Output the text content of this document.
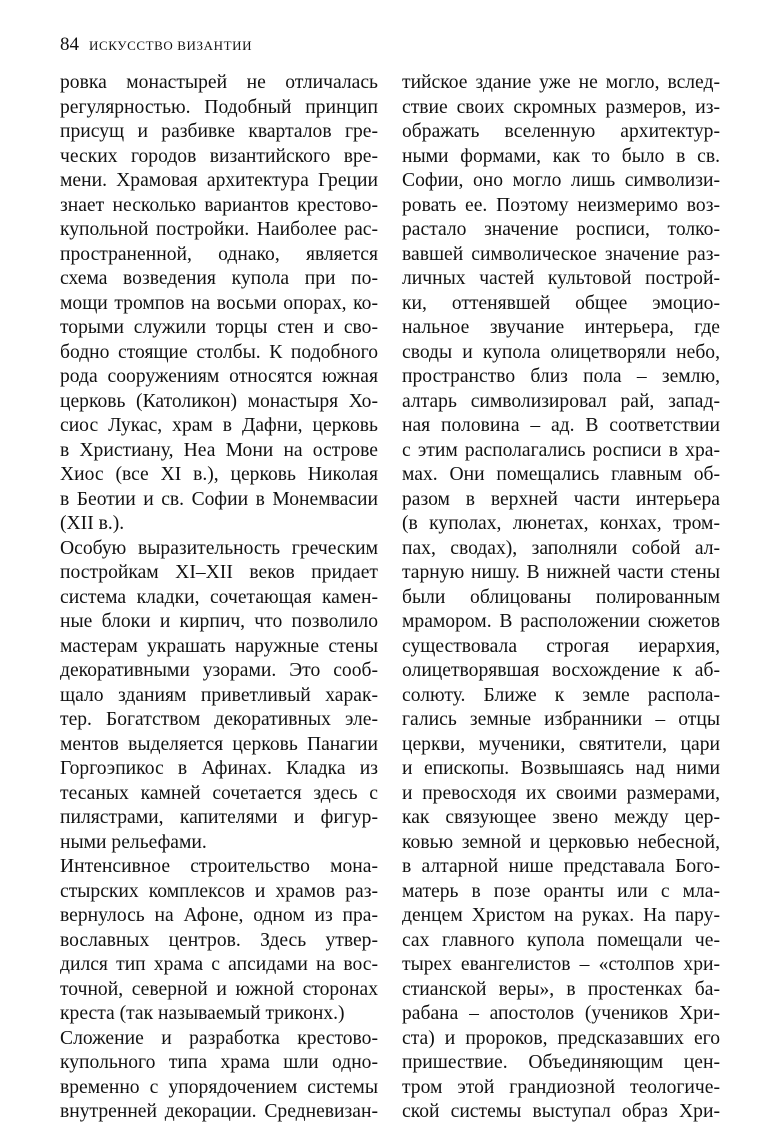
84 ИСКУССТВО ВИЗАНТИИ
ровка монастырей не отличалась
регулярностью. Подобный принцип
присущ и разбивке кварталов гре-
ческих городов византийского вре-
мени. Храмовая архитектура Греции
знает несколько вариантов крестово-
купольной постройки. Наиболее рас-
пространенной, однако, является
схема возведения купола при по-
мощи тромпов на восьми опорах, ко-
торыми служили торцы стен и сво-
бодно стоящие столбы. К подобного
рода сооружениям относятся южная
церковь (Католикон) монастыря Хо-
сиос Лукас, храм в Дафни, церковь
в Христиану, Неа Мони на острове
Хиос (все XI в.), церковь Николая
в Беотии и св. Софии в Монемвасии
(XII в.).
Особую выразительность греческим
постройкам XI–XII веков придает
система кладки, сочетающая камен-
ные блоки и кирпич, что позволило
мастерам украшать наружные стены
декоративными узорами. Это сооб-
щало зданиям приветливый харак-
тер. Богатством декоративных эле-
ментов выделяется церковь Панагии
Горгоэпикос в Афинах. Кладка из
тесаных камней сочетается здесь с
пилястрами, капителями и фигур-
ными рельефами.
Интенсивное строительство мона-
стырских комплексов и храмов раз-
вернулось на Афоне, одном из пра-
вославных центров. Здесь утвер-
дился тип храма с апсидами на вос-
точной, северной и южной сторонах
креста (так называемый триконх.)
Сложение и разработка крестово-
купольного типа храма шли одно-
временно с упорядочением системы
внутренней декорации. Средневизан-
тийское здание уже не могло, вслед-
ствие своих скромных размеров, из-
ображать вселенную архитектур-
ными формами, как то было в св.
Софии, оно могло лишь символизи-
ровать ее. Поэтому неизмеримо воз-
растало значение росписи, толко-
вавшей символическое значение раз-
личных частей культовой построй-
ки, оттенявшей общее эмоцио-
нальное звучание интерьера, где
своды и купола олицетворяли небо,
пространство близ пола – землю,
алтарь символизировал рай, запад-
ная половина – ад. В соответствии
с этим располагались росписи в хра-
мах. Они помещались главным об-
разом в верхней части интерьера
(в куполах, люнетах, конхах, тром-
пах, сводах), заполняли собой ал-
тарную нишу. В нижней части стены
были облицованы полированным
мрамором. В расположении сюжетов
существовала строгая иерархия,
олицетворявшая восхождение к аб-
солюту. Ближе к земле распола-
гались земные избранники – отцы
церкви, мученики, святители, цари
и епископы. Возвышаясь над ними
и превосходя их своими размерами,
как связующее звено между цер-
ковью земной и церковью небесной,
в алтарной нише представала Бого-
матерь в позе оранты или с мла-
денцем Христом на руках. На пару-
сах главного купола помещали че-
тырех евангелистов – «столпов хри-
стианской веры», в простенках ба-
рабана – апостолов (учеников Хри-
ста) и пророков, предсказавших его
пришествие. Объединяющим цен-
тром этой грандиозной теологиче-
ской системы выступал образ Хри-
